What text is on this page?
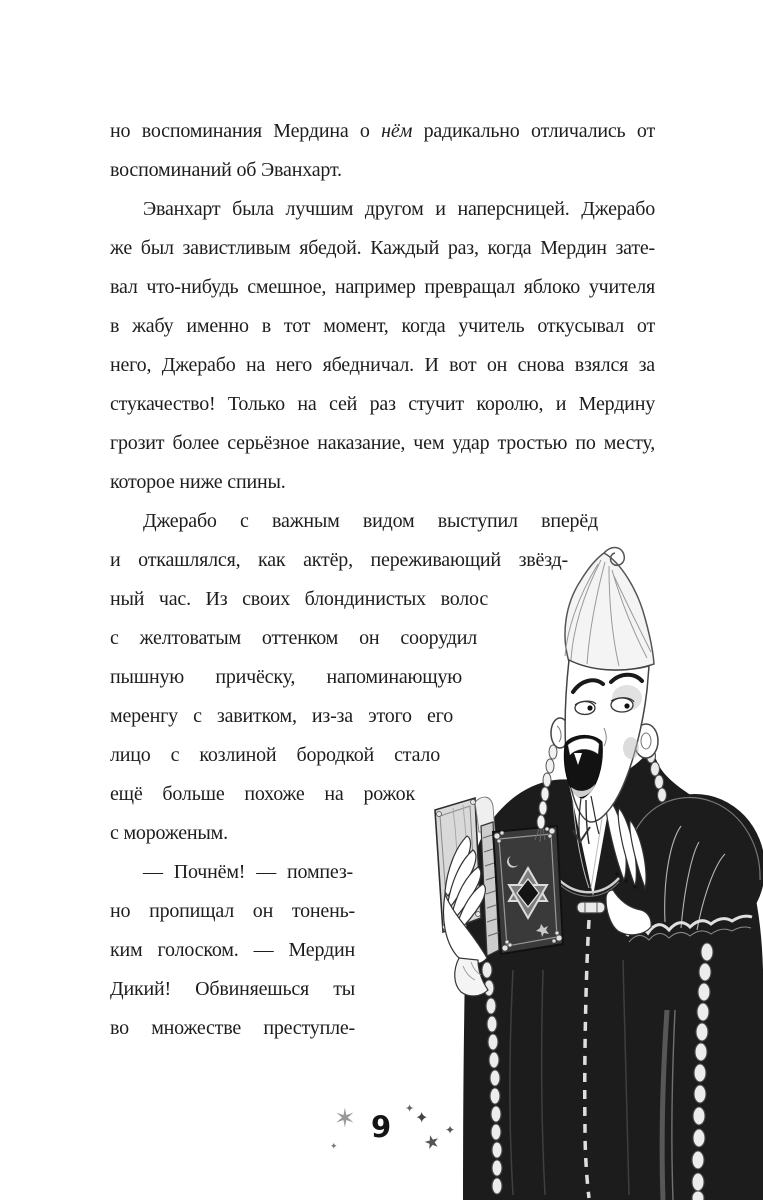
но воспоминания Мердина о нём радикально отличались от
воспоминаний об Эванхарт.
Эванхарт была лучшим другом и наперсницей. Джерабо
же был завистливым ябедой. Каждый раз, когда Мердин зате-
вал что-нибудь смешное, например превращал яблоко учителя
в жабу именно в тот момент, когда учитель откусывал от
него, Джерабо на него ябедничал. И вот он снова взялся за
стукачество! Только на сей раз стучит королю, и Мердину
грозит более серьёзное наказание, чем удар тростью по месту,
которое ниже спины.
Джерабо с важным видом выступил вперёд
и откашлялся, как актёр, переживающий звёзд-
ный час. Из своих блондинистых волос
с желтоватым оттенком он соорудил
пышную причёску, напоминающую
меренгу с завитком, из-за этого его
лицо с козлиной бородкой стало
ещё больше похоже на рожок
с мороженым.
— Почнём! — помпез-
но пропищал он тонень-
ким голоском. — Мердин
Дикий! Обвиняешься ты
во множестве преступле-
9
✶	✦ ✦
★
✦
✦
